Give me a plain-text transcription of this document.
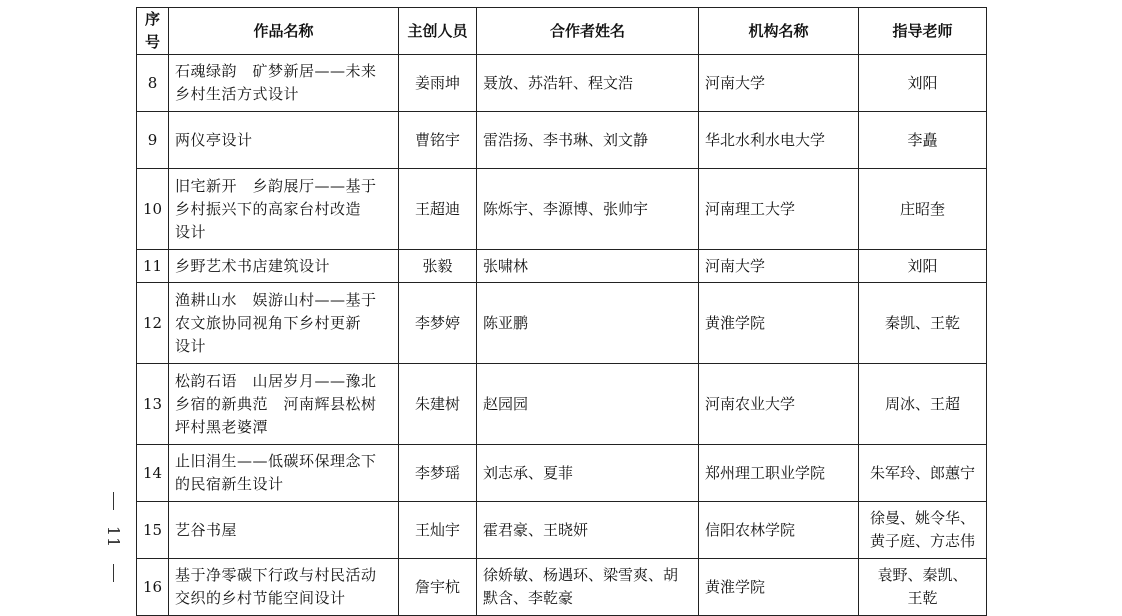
11
序号	作品名称	主创人员	合作者姓名	机构名称	指导老师
8	石魂绿韵　矿梦新居——未来
乡村生活方式设计	姜雨坤	聂放、苏浩轩、程文浩	河南大学	刘阳

9	两仪亭设计	曹铭宇	雷浩扬、李书琳、刘文静	华北水利水电大学	李矗

10	旧宅新开　乡韵展厅——基于
乡村振兴下的高家台村改造
设计	王超迪	陈烁宇、李源博、张帅宇	河南理工大学	庄昭奎

11	乡野艺术书店建筑设计	张毅	张啸林	河南大学	刘阳

12	渔耕山水　娱游山村——基于
农文旅协同视角下乡村更新
设计	李梦婷	陈亚鹏	黄淮学院	秦凯、王乾

13	松韵石语　山居岁月——豫北
乡宿的新典范　河南辉县松树
坪村黑老婆潭	朱建树	赵园园	河南农业大学	周冰、王超

14	止旧涓生——低碳环保理念下
的民宿新生设计	李梦瑶	刘志承、夏菲	郑州理工职业学院	朱军玲、郎蕙宁

15	艺谷书屋	王灿宇	霍君豪、王晓妍	信阳农林学院	徐曼、姚令华、
黄子庭、方志伟

16	基于净零碳下行政与村民活动
交织的乡村节能空间设计	詹宇杭	徐娇敏、杨遇环、梁雪爽、胡
默含、李乾豪	黄淮学院	袁野、秦凯、
王乾
